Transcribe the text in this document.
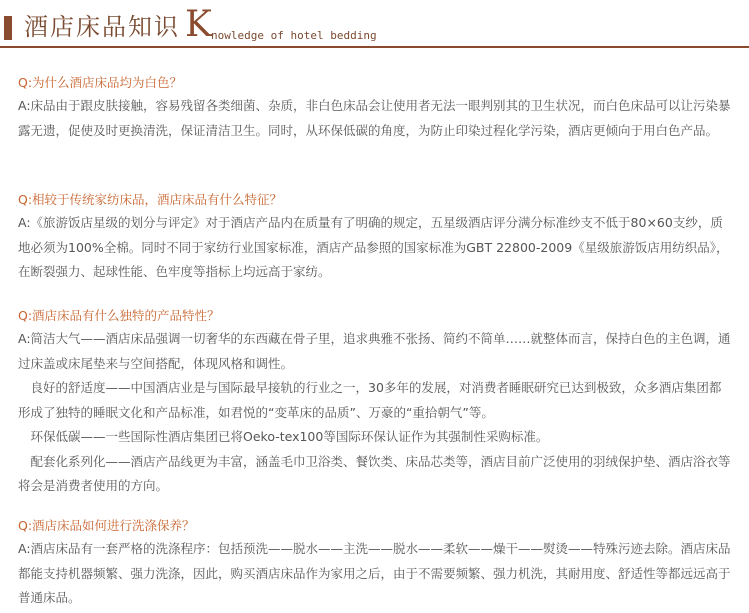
酒店床品知识 K nowledge of hotel bedding
Q:为什么酒店床品均为白色？

A:床品由于跟皮肤接触，容易残留各类细菌、杂质，非白色床品会让使用者无法一眼判别其的卫生状况，而白色床品可以让污染暴露无遗，促使及时更换清洗，保证清洁卫生。同时，从环保低碳的角度，为防止印染过程化学污染，酒店更倾向于用白色产品。

Q:相较于传统家纺床品，酒店床品有什么特征？

A:《旅游饭店星级的划分与评定》对于酒店产品内在质量有了明确的规定，五星级酒店评分满分标准纱支不低于80×60支纱，质地必须为100%全棉。同时不同于家纺行业国家标准，酒店产品参照的国家标准为GBT 22800-2009《星级旅游饭店用纺织品》，在断裂强力、起球性能、色牢度等指标上均远高于家纺。

Q:酒店床品有什么独特的产品特性？

A:简洁大气——酒店床品强调一切奢华的东西藏在骨子里，追求典雅不张扬、简约不简单……就整体而言，保持白色的主色调，通过床盖或床尾垫来与空间搭配，体现风格和调性。

　良好的舒适度——中国酒店业是与国际最早接轨的行业之一，30多年的发展，对消费者睡眠研究已达到极致，众多酒店集团都形成了独特的睡眠文化和产品标准，如君悦的“变革床的品质”、万豪的“重拾朝气”等。

　环保低碳——一些国际性酒店集团已将Oeko-tex100等国际环保认证作为其强制性采购标准。

　配套化系列化——酒店产品线更为丰富，涵盖毛巾卫浴类、餐饮类、床品芯类等，酒店目前广泛使用的羽绒保护垫、酒店浴衣等将会是消费者使用的方向。

Q:酒店床品如何进行洗涤保养？

A:酒店床品有一套严格的洗涤程序：包括预洗——脱水——主洗——脱水——柔软——燥干——熨烫——特殊污迹去除。酒店床品都能支持机器频繁、强力洗涤，因此，购买酒店床品作为家用之后，由于不需要频繁、强力机洗，其耐用度、舒适性等都远远高于普通床品。
